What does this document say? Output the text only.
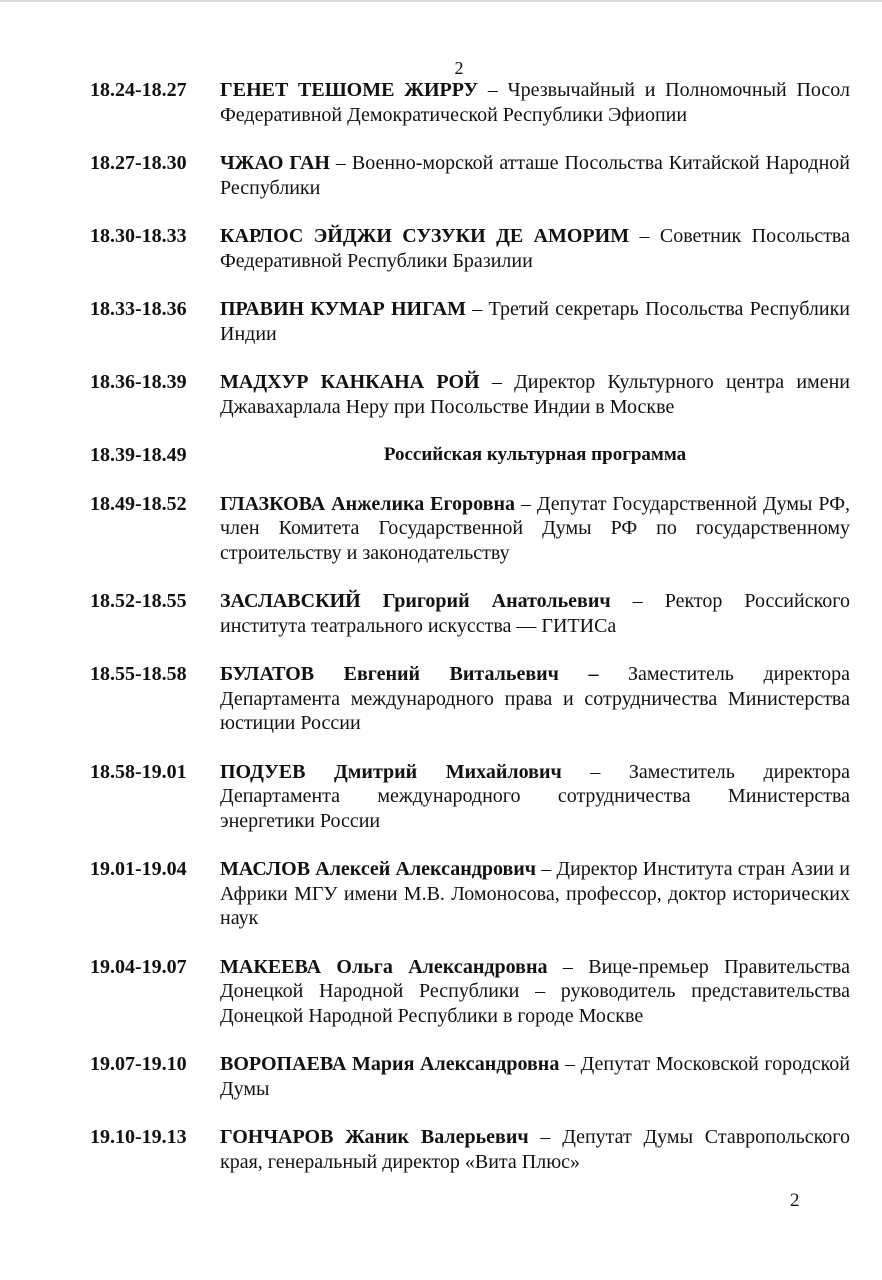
2
18.24-18.27	ГЕНЕТ ТЕШОМЕ ЖИРРУ – Чрезвычайный и Полномочный Посол Федеративной Демократической Республики Эфиопии
18.27-18.30	ЧЖАО ГАН – Военно-морской атташе Посольства Китайской Народной Республики
18.30-18.33	КАРЛОС ЭЙДЖИ СУЗУКИ ДЕ АМОРИМ – Советник Посольства Федеративной Республики Бразилии
18.33-18.36	ПРАВИН КУМАР НИГАМ – Третий секретарь Посольства Республики Индии
18.36-18.39	МАДХУР КАНКАНА РОЙ – Директор Культурного центра имени Джавахарлала Неру при Посольстве Индии в Москве
18.39-18.49	Российская культурная программа
18.49-18.52	ГЛАЗКОВА Анжелика Егоровна – Депутат Государственной Думы РФ, член Комитета Государственной Думы РФ по государственному строительству и законодательству
18.52-18.55	ЗАСЛАВСКИЙ Григорий Анатольевич – Ректор Российского института театрального искусства — ГИТИСа
18.55-18.58	БУЛАТОВ Евгений Витальевич – Заместитель директора Департамента международного права и сотрудничества Министерства юстиции России
18.58-19.01	ПОДУЕВ Дмитрий Михайлович – Заместитель директора Департамента международного сотрудничества Министерства энергетики России
19.01-19.04	МАСЛОВ Алексей Александрович – Директор Института стран Азии и Африки МГУ имени М.В. Ломоносова, профессор, доктор исторических наук
19.04-19.07	МАКЕЕВА Ольга Александровна – Вице-премьер Правительства Донецкой Народной Республики – руководитель представительства Донецкой Народной Республики в городе Москве
19.07-19.10	ВОРОПАЕВА Мария Александровна – Депутат Московской городской Думы
19.10-19.13	ГОНЧАРОВ Жаник Валерьевич – Депутат Думы Ставропольского края, генеральный директор «Вита Плюс»
2
